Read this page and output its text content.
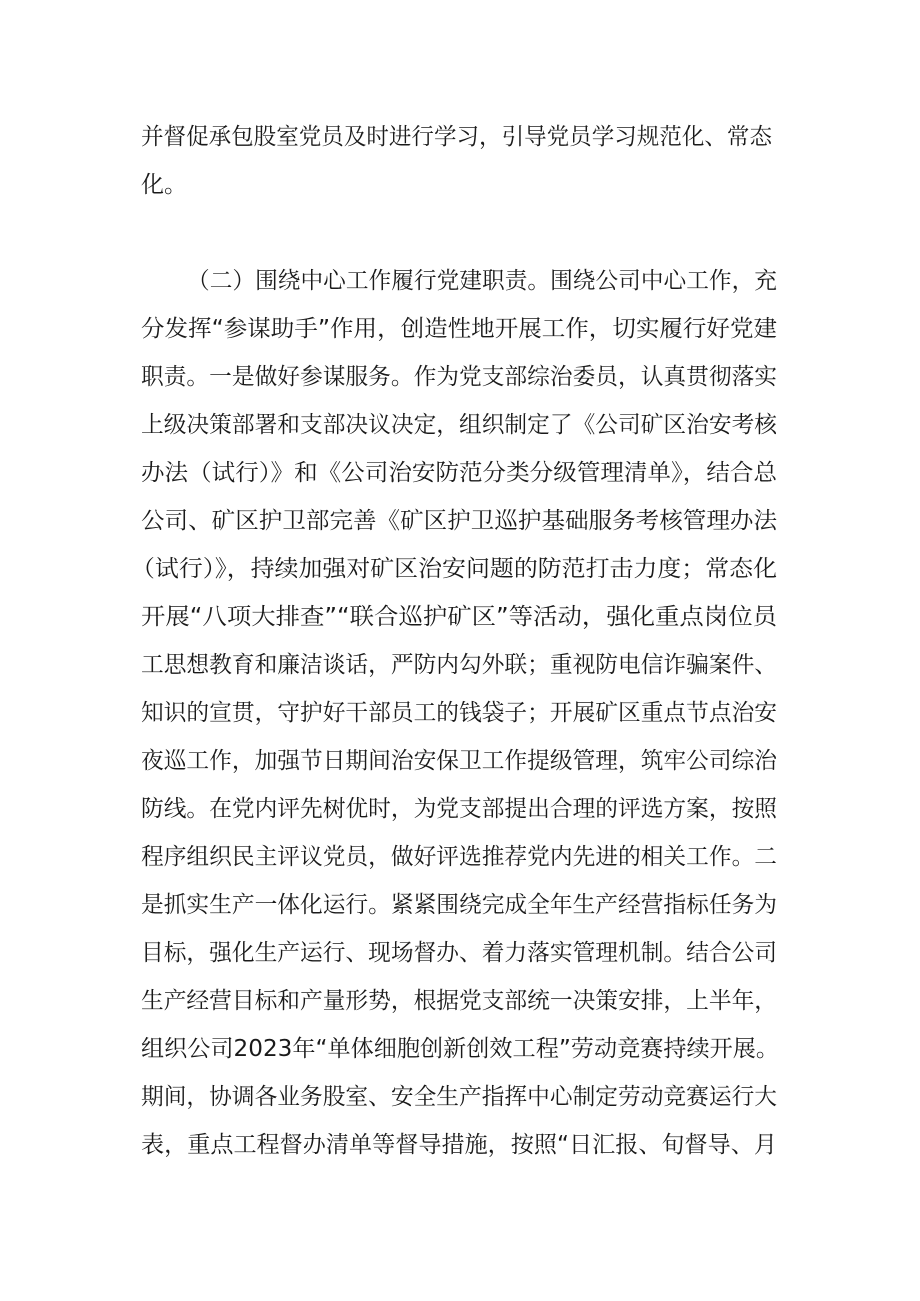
并督促承包股室党员及时进行学习，引导党员学习规范化、常态
化。
（二）围绕中心工作履行党建职责。围绕公司中心工作，充
分发挥“参谋助手”作用，创造性地开展工作，切实履行好党建
职责。一是做好参谋服务。作为党支部综治委员，认真贯彻落实
上级决策部署和支部决议决定，组织制定了《公司矿区治安考核
办法（试行）》和《公司治安防范分类分级管理清单》，结合总
公司、矿区护卫部完善《矿区护卫巡护基础服务考核管理办法
（试行）》，持续加强对矿区治安问题的防范打击力度；常态化
开展“八项大排查”“联合巡护矿区”等活动，强化重点岗位员
工思想教育和廉洁谈话，严防内勾外联；重视防电信诈骗案件、
知识的宣贯，守护好干部员工的钱袋子；开展矿区重点节点治安
夜巡工作，加强节日期间治安保卫工作提级管理，筑牢公司综治
防线。在党内评先树优时，为党支部提出合理的评选方案，按照
程序组织民主评议党员，做好评选推荐党内先进的相关工作。二
是抓实生产一体化运行。紧紧围绕完成全年生产经营指标任务为
目标，强化生产运行、现场督办、着力落实管理机制。结合公司
生产经营目标和产量形势，根据党支部统一决策安排，上半年，
组织公司2023年“单体细胞创新创效工程”劳动竞赛持续开展。
期间，协调各业务股室、安全生产指挥中心制定劳动竞赛运行大
表，重点工程督办清单等督导措施，按照“日汇报、旬督导、月
